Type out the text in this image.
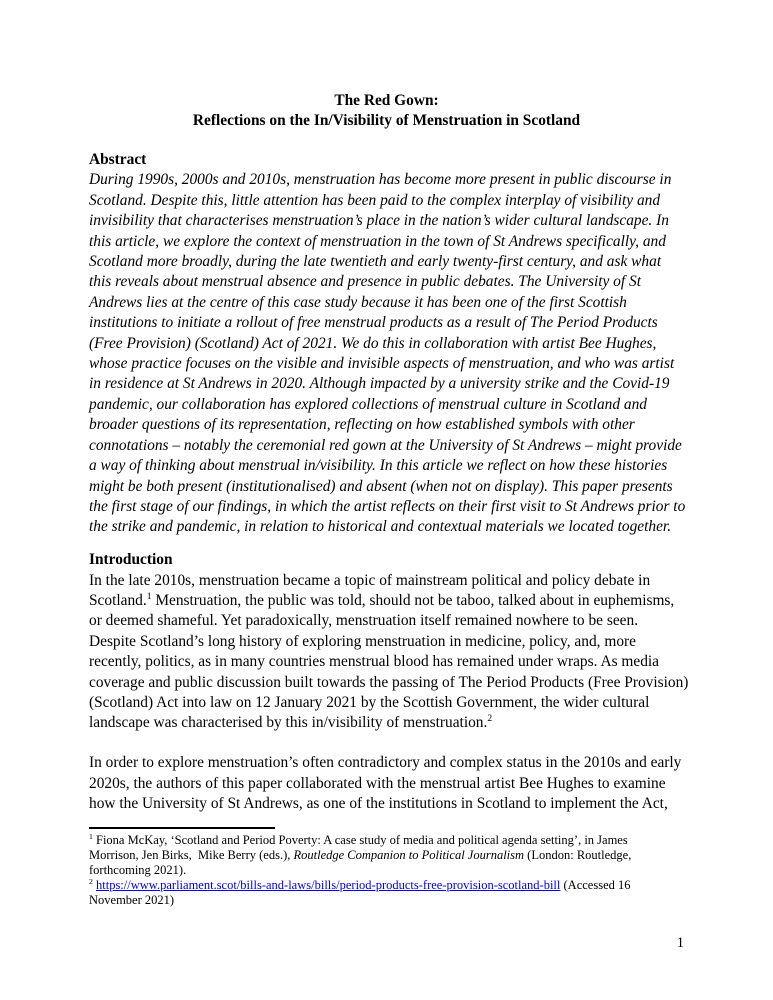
The Red Gown:
Reflections on the In/Visibility of Menstruation in Scotland
Abstract
During 1990s, 2000s and 2010s, menstruation has become more present in public discourse in
Scotland. Despite this, little attention has been paid to the complex interplay of visibility and
invisibility that characterises menstruation’s place in the nation’s wider cultural landscape. In
this article, we explore the context of menstruation in the town of St Andrews specifically, and
Scotland more broadly, during the late twentieth and early twenty-first century, and ask what
this reveals about menstrual absence and presence in public debates. The University of St
Andrews lies at the centre of this case study because it has been one of the first Scottish
institutions to initiate a rollout of free menstrual products as a result of The Period Products
(Free Provision) (Scotland) Act of 2021. We do this in collaboration with artist Bee Hughes,
whose practice focuses on the visible and invisible aspects of menstruation, and who was artist
in residence at St Andrews in 2020. Although impacted by a university strike and the Covid-19
pandemic, our collaboration has explored collections of menstrual culture in Scotland and
broader questions of its representation, reflecting on how established symbols with other
connotations – notably the ceremonial red gown at the University of St Andrews – might provide
a way of thinking about menstrual in/visibility. In this article we reflect on how these histories
might be both present (institutionalised) and absent (when not on display). This paper presents
the first stage of our findings, in which the artist reflects on their first visit to St Andrews prior to
the strike and pandemic, in relation to historical and contextual materials we located together.
Introduction
In the late 2010s, menstruation became a topic of mainstream political and policy debate in
Scotland.$^1$ Menstruation, the public was told, should not be taboo, talked about in euphemisms,
or deemed shameful. Yet paradoxically, menstruation itself remained nowhere to be seen.
Despite Scotland’s long history of exploring menstruation in medicine, policy, and, more
recently, politics, as in many countries menstrual blood has remained under wraps. As media
coverage and public discussion built towards the passing of The Period Products (Free Provision)
(Scotland) Act into law on 12 January 2021 by the Scottish Government, the wider cultural
landscape was characterised by this in/visibility of menstruation.$^2$
In order to explore menstruation’s often contradictory and complex status in the 2010s and early
2020s, the authors of this paper collaborated with the menstrual artist Bee Hughes to examine
how the University of St Andrews, as one of the institutions in Scotland to implement the Act,
$^1$ Fiona McKay, ‘Scotland and Period Poverty: A case study of media and political agenda setting’, in James
Morrison, Jen Birks,  Mike Berry (eds.), Routledge Companion to Political Journalism (London: Routledge,
forthcoming 2021).
$^2$ https://www.parliament.scot/bills-and-laws/bills/period-products-free-provision-scotland-bill (Accessed 16
November 2021)
1
